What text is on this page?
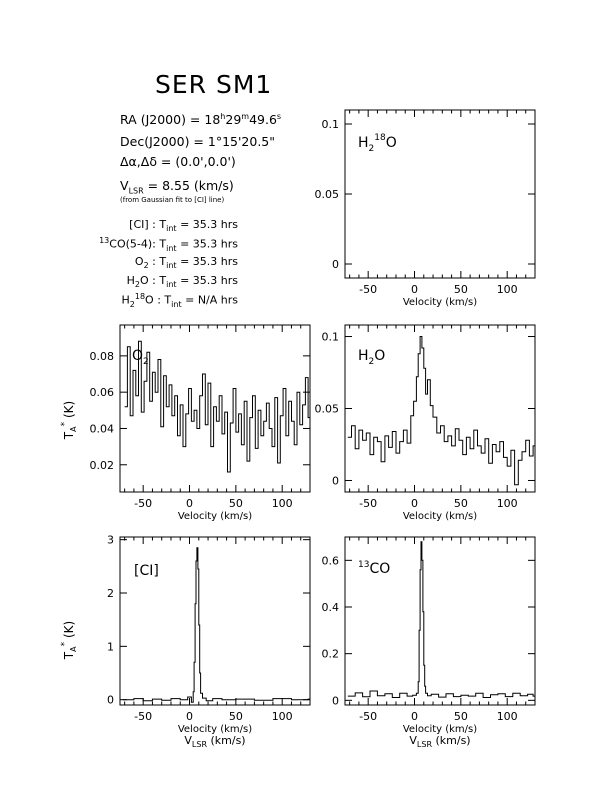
SER SM1
RA $(J2000) = 18^h29^m49.6^s$
Dec(J2000) = 1°15'20.5"
Δα,Δδ = (0.0',0.0')
$V_{LSR} = 8.55$ (km/s)
(from Gaussian fit to [CI] line)
[CI] : $T_{int} = 35.3$ hrs
$^{13}$CO(5-4): $T_{int} = 35.3$ hrs
$O_2$ : $T_{int} = 35.3$ hrs
$H_2O$ : $T_{int} = 35.3$ hrs
$H_2^{18}O$ : $T_{int} = N/A$ hrs
-50	0	50	100
0
0.05
0.1
$H_2^{18}O$
Velocity (km/s)
-50	0	50	100
0.02
0.04
0.06
0.08 $O_2$
Velocity (km/s)
-50	0	50	100
0
0.05
0.1
$H_2O$
Velocity (km/s)
-50	0	50	100
0
1
2
3
[CI]
Velocity (km/s)
$V_{LSR}$ (km/s)
-50	0	50	100
0
0.2
0.4
0.6 $^{13}$CO
Velocity (km/s)
$V_{LSR}$ (km/s)
$T_A^*$ (K)
$T_A^*$ (K)
